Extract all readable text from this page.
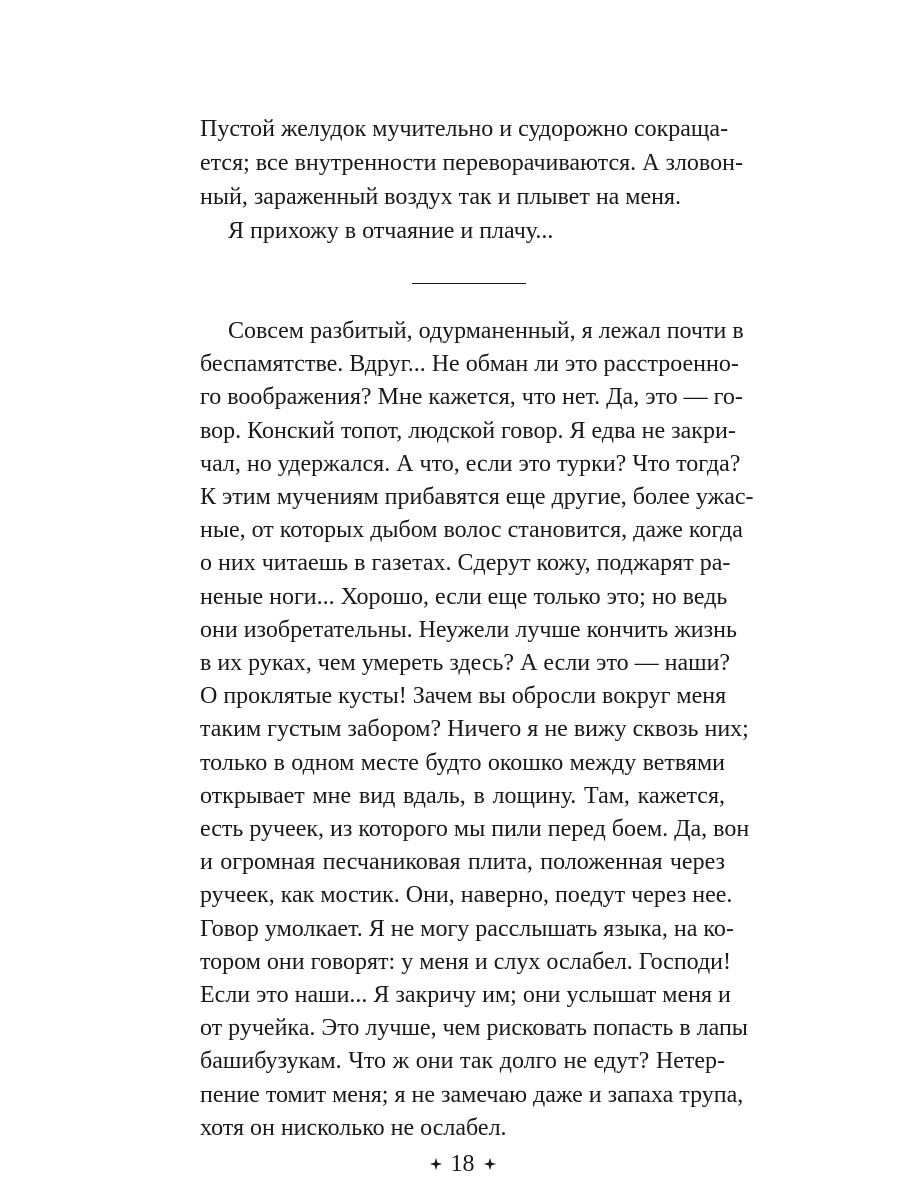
Пустой желудок мучительно и судорожно сокраща-
ется; все внутренности переворачиваются. А зловон-
ный, зараженный воздух так и плывет на меня.
Я прихожу в отчаяние и плачу...
Совсем разбитый, одурманенный, я лежал почти в
беспамятстве. Вдруг... Не обман ли это расстроенно-
го воображения? Мне кажется, что нет. Да, это — го-
вор. Конский топот, людской говор. Я едва не закри-
чал, но удержался. А что, если это турки? Что тогда?
К этим мучениям прибавятся еще другие, более ужас-
ные, от которых дыбом волос становится, даже когда
о них читаешь в газетах. Сдерут кожу, поджарят ра-
неные ноги... Хорошо, если еще только это; но ведь
они изобретательны. Неужели лучше кончить жизнь
в их руках, чем умереть здесь? А если это — наши?
О проклятые кусты! Зачем вы обросли вокруг меня
таким густым забором? Ничего я не вижу сквозь них;
только в одном месте будто окошко между ветвями
открывает мне вид вдаль, в лощину. Там, кажется,
есть ручеек, из которого мы пили перед боем. Да, вон
и огромная песчаниковая плита, положенная через
ручеек, как мостик. Они, наверно, поедут через нее.
Говор умолкает. Я не могу расслышать языка, на ко-
тором они говорят: у меня и слух ослабел. Господи!
Если это наши... Я закричу им; они услышат меня и
от ручейка. Это лучше, чем рисковать попасть в лапы
башибузукам. Что ж они так долго не едут? Нетер-
пение томит меня; я не замечаю даже и запаха трупа,
хотя он нисколько не ослабел.
18
